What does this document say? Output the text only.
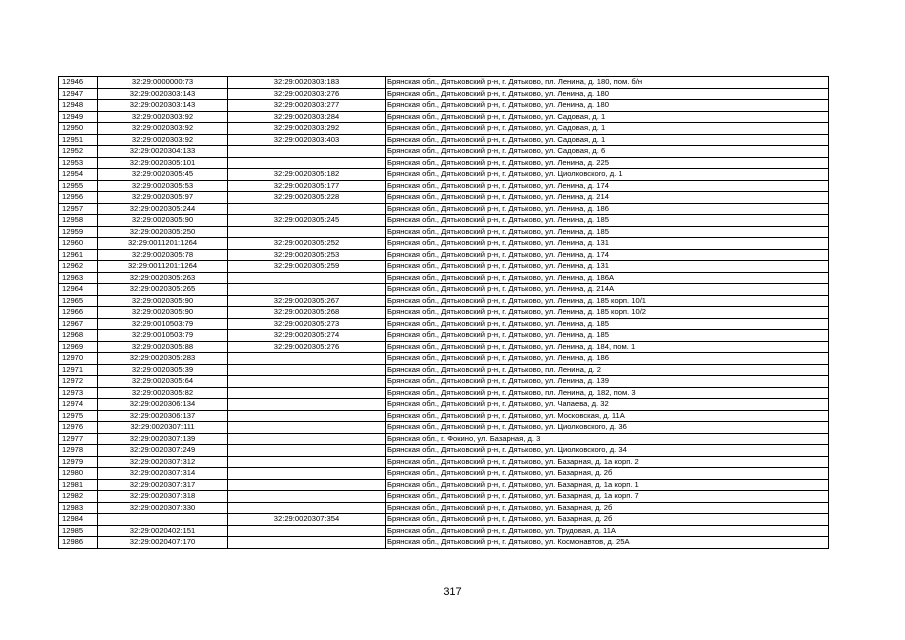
12946	32:29:0000000:73	32:29:0020303:183	Брянская обл., Дятьковский р-н, г. Дятьково, пл. Ленина, д. 180, пом. б/н
12947	32:29:0020303:143	32:29:0020303:276	Брянская обл., Дятьковский р-н, г. Дятьково, ул. Ленина, д. 180
12948	32:29:0020303:143	32:29:0020303:277	Брянская обл., Дятьковский р-н, г. Дятьково, ул. Ленина, д. 180
12949	32:29:0020303:92	32:29:0020303:284	Брянская обл., Дятьковский р-н, г. Дятьково, ул. Садовая, д. 1
12950	32:29:0020303:92	32:29:0020303:292	Брянская обл., Дятьковский р-н, г. Дятьково, ул. Садовая, д. 1
12951	32:29:0020303:92	32:29:0020303:403	Брянская обл., Дятьковский р-н, г. Дятьково, ул. Садовая, д. 1
12952	32:29:0020304:133		Брянская обл., Дятьковский р-н, г. Дятьково, ул. Садовая, д. 6
12953	32:29:0020305:101		Брянская обл., Дятьковский р-н, г. Дятьково, ул. Ленина, д. 225
12954	32:29:0020305:45	32:29:0020305:182	Брянская обл., Дятьковский р-н, г. Дятьково, ул. Циолковского, д. 1
12955	32:29:0020305:53	32:29:0020305:177	Брянская обл., Дятьковский р-н, г. Дятьково, ул. Ленина, д. 174
12956	32:29:0020305:97	32:29:0020305:228	Брянская обл., Дятьковский р-н, г. Дятьково, ул. Ленина, д. 214
12957	32:29:0020305:244		Брянская обл., Дятьковский р-н, г. Дятьково, ул. Ленина, д. 186
12958	32:29:0020305:90	32:29:0020305:245	Брянская обл., Дятьковский р-н, г. Дятьково, ул. Ленина, д. 185
12959	32:29:0020305:250		Брянская обл., Дятьковский р-н, г. Дятьково, ул. Ленина, д. 185
12960	32:29:0011201:1264	32:29:0020305:252	Брянская обл., Дятьковский р-н, г. Дятьково, ул. Ленина, д. 131
12961	32:29:0020305:78	32:29:0020305:253	Брянская обл., Дятьковский р-н, г. Дятьково, ул. Ленина, д. 174
12962	32:29:0011201:1264	32:29:0020305:259	Брянская обл., Дятьковский р-н, г. Дятьково, ул. Ленина, д. 131
12963	32:29:0020305:263		Брянская обл., Дятьковский р-н, г. Дятьково, ул. Ленина, д. 186А
12964	32:29:0020305:265		Брянская обл., Дятьковский р-н, г. Дятьково, ул. Ленина, д. 214А
12965	32:29:0020305:90	32:29:0020305:267	Брянская обл., Дятьковский р-н, г. Дятьково, ул. Ленина, д. 185 корп. 10/1
12966	32:29:0020305:90	32:29:0020305:268	Брянская обл., Дятьковский р-н, г. Дятьково, ул. Ленина, д. 185 корп. 10/2
12967	32:29:0010503:79	32:29:0020305:273	Брянская обл., Дятьковский р-н, г. Дятьково, ул. Ленина, д. 185
12968	32:29:0010503:79	32:29:0020305:274	Брянская обл., Дятьковский р-н, г. Дятьково, ул. Ленина, д. 185
12969	32:29:0020305:88	32:29:0020305:276	Брянская обл., Дятьковский р-н, г. Дятьково, ул. Ленина, д. 184, пом. 1
12970	32:29:0020305:283		Брянская обл., Дятьковский р-н, г. Дятьково, ул. Ленина, д. 186
12971	32:29:0020305:39		Брянская обл., Дятьковский р-н, г. Дятьково, пл. Ленина, д. 2
12972	32:29:0020305:64		Брянская обл., Дятьковский р-н, г. Дятьково, ул. Ленина, д. 139
12973	32:29:0020305:82		Брянская обл., Дятьковский р-н, г. Дятьково, пл. Ленина, д. 182, пом. 3
12974	32:29:0020306:134		Брянская обл., Дятьковский р-н, г. Дятьково, ул. Чапаева, д. 32
12975	32:29:0020306:137		Брянская обл., Дятьковский р-н, г. Дятьково, ул. Московская, д. 11А
12976	32:29:0020307:111		Брянская обл., Дятьковский р-н, г. Дятьково, ул. Циолковского, д. 36
12977	32:29:0020307:139		Брянская обл., г. Фокино, ул. Базарная, д. 3
12978	32:29:0020307:249		Брянская обл., Дятьковский р-н, г. Дятьково, ул. Циолковского, д. 34
12979	32:29:0020307:312		Брянская обл., Дятьковский р-н, г. Дятьково, ул. Базарная, д. 1а корп. 2
12980	32:29:0020307:314		Брянская обл., Дятьковский р-н, г. Дятьково, ул. Базарная, д. 2б
12981	32:29:0020307:317		Брянская обл., Дятьковский р-н, г. Дятьково, ул. Базарная, д. 1а корп. 1
12982	32:29:0020307:318		Брянская обл., Дятьковский р-н, г. Дятьково, ул. Базарная, д. 1а корп. 7
12983	32:29:0020307:330		Брянская обл., Дятьковский р-н, г. Дятьково, ул. Базарная, д. 2б
12984		32:29:0020307:354	Брянская обл., Дятьковский р-н, г. Дятьково, ул. Базарная, д. 2б
12985	32:29:0020402:151		Брянская обл., Дятьковский р-н, г. Дятьково, ул. Трудовая, д. 11А
12986	32:29:0020407:170		Брянская обл., Дятьковский р-н, г. Дятьково, ул. Космонавтов, д. 25А
317
